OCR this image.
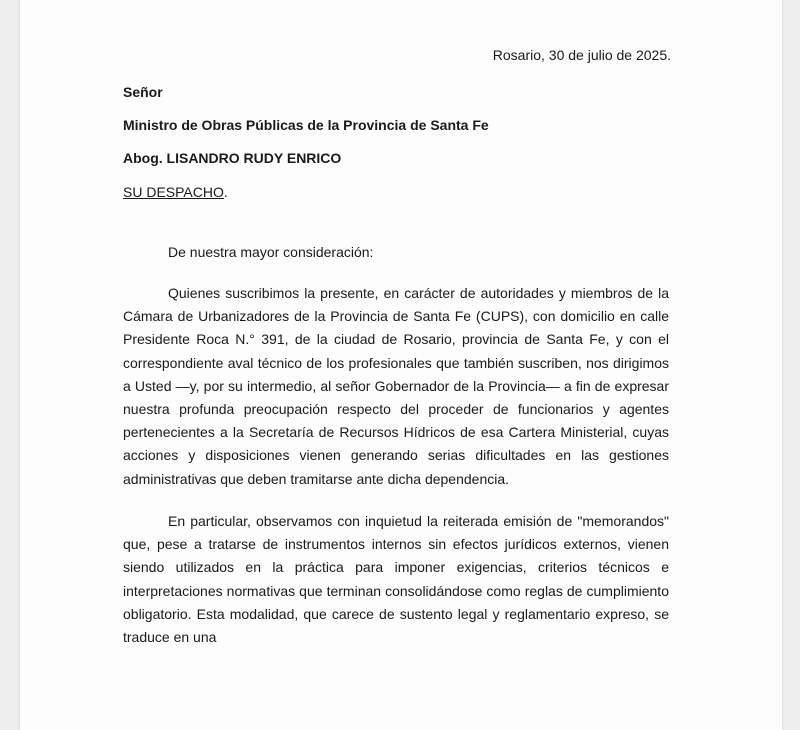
Rosario, 30 de julio de 2025.
Señor
Ministro de Obras Públicas de la Provincia de Santa Fe
Abog. LISANDRO RUDY ENRICO
SU DESPACHO.
De nuestra mayor consideración:

Quienes suscribimos la presente, en carácter de autoridades y miembros de la Cámara de Urbanizadores de la Provincia de Santa Fe (CUPS), con domicilio en calle Presidente Roca N.° 391, de la ciudad de Rosario, provincia de Santa Fe, y con el correspondiente aval técnico de los profesionales que también suscriben, nos dirigimos a Usted —y, por su intermedio, al señor Gobernador de la Provincia— a fin de expresar nuestra profunda preocupación respecto del proceder de funcionarios y agentes pertenecientes a la Secretaría de Recursos Hídricos de esa Cartera Ministerial, cuyas acciones y disposiciones vienen generando serias dificultades en las gestiones administrativas que deben tramitarse ante dicha dependencia.

En particular, observamos con inquietud la reiterada emisión de "memorandos" que, pese a tratarse de instrumentos internos sin efectos jurídicos externos, vienen siendo utilizados en la práctica para imponer exigencias, criterios técnicos e interpretaciones normativas que terminan consolidándose como reglas de cumplimiento obligatorio. Esta modalidad, que carece de sustento legal y reglamentario expreso, se traduce en una
